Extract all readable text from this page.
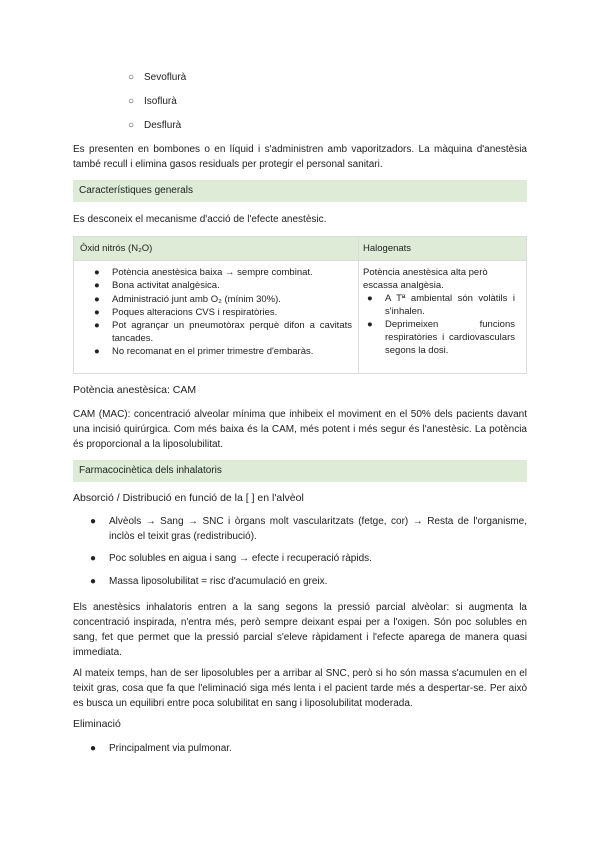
○ Sevoflurà
○ Isoflurà
○ Desflurà
Es presenten en bombones o en líquid i s'administren amb vaporitzadors. La màquina d'anestèsia també recull i elimina gasos residuals per protegir el personal sanitari.
Característiques generals
Es desconeix el mecanisme d'acció de l'efecte anestèsic.
Òxid nitrós (N₂O)	Halogenats
● Potència anestèsica baixa → sempre combinat.
● Bona activitat analgèsica.
● Administració junt amb O₂ (mínim 30%).
● Poques alteracions CVS i respiratòries.
● Pot agrançar un pneumotòrax perquè difon a cavitats tancades.
● No recomanat en el primer trimestre d'embaràs.
Potència anestèsica alta però escassa analgèsia.
● A Tª ambiental són volàtils i s'inhalen.
● Deprimeixen funcions respiratòries i cardiovasculars segons la dosi.
Potència anestèsica: CAM
CAM (MAC): concentració alveolar mínima que inhibeix el moviment en el 50% dels pacients davant una incisió quirúrgica. Com més baixa és la CAM, més potent i més segur és l'anestèsic. La potència és proporcional a la liposolubilitat.
Farmacocinètica dels inhalatoris
Absorció / Distribució en funció de la [ ] en l'alvèol
● Alvèols → Sang → SNC i òrgans molt vascularitzats (fetge, cor) → Resta de l'organisme, inclòs el teixit gras (redistribució).
● Poc solubles en aigua i sang → efecte i recuperació ràpids.
● Massa liposolubilitat = risc d'acumulació en greix.
Els anestèsics inhalatoris entren a la sang segons la pressió parcial alvèolar: si augmenta la concentració inspirada, n'entra més, però sempre deixant espai per a l'oxigen. Són poc solubles en sang, fet que permet que la pressió parcial s'eleve ràpidament i l'efecte aparega de manera quasi immediata.
Al mateix temps, han de ser liposolubles per a arribar al SNC, però si ho són massa s'acumulen en el teixit gras, cosa que fa que l'eliminació siga més lenta i el pacient tarde més a despertar-se. Per això es busca un equilibri entre poca solubilitat en sang i liposolubilitat moderada.
Eliminació
● Principalment via pulmonar.
